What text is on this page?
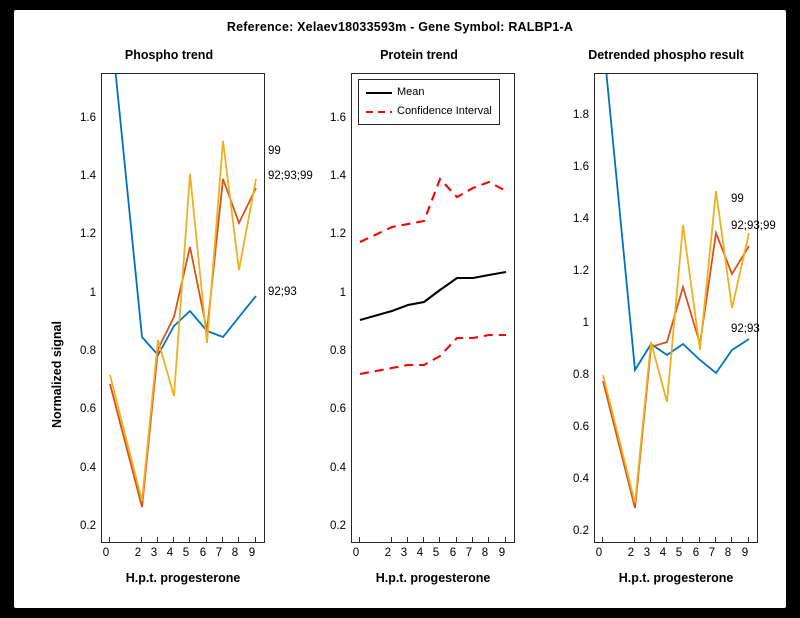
Reference: Xelaev18033593m - Gene Symbol: RALBP1-A
Phospho trend
Normalized signal
0.2
0.4
0.6
0.8
1
1.2
1.4
1.6
0	2 3 4 5 6 7 8 9
H.p.t. progesterone
99
92;93;99
92;93
Protein trend
0.2
0.4
0.6
0.8
1
1.2
1.4
1.6
Mean
Confidence Interval
0	2 3 4 5 6 7 8 9
H.p.t. progesterone
Detrended phospho result
0.2
0.4
0.6
0.8
1
1.2
1.4
1.6
1.8
0	2 3 4 5 6 7 8 9
H.p.t. progesterone
99
92;93;99
92;93
